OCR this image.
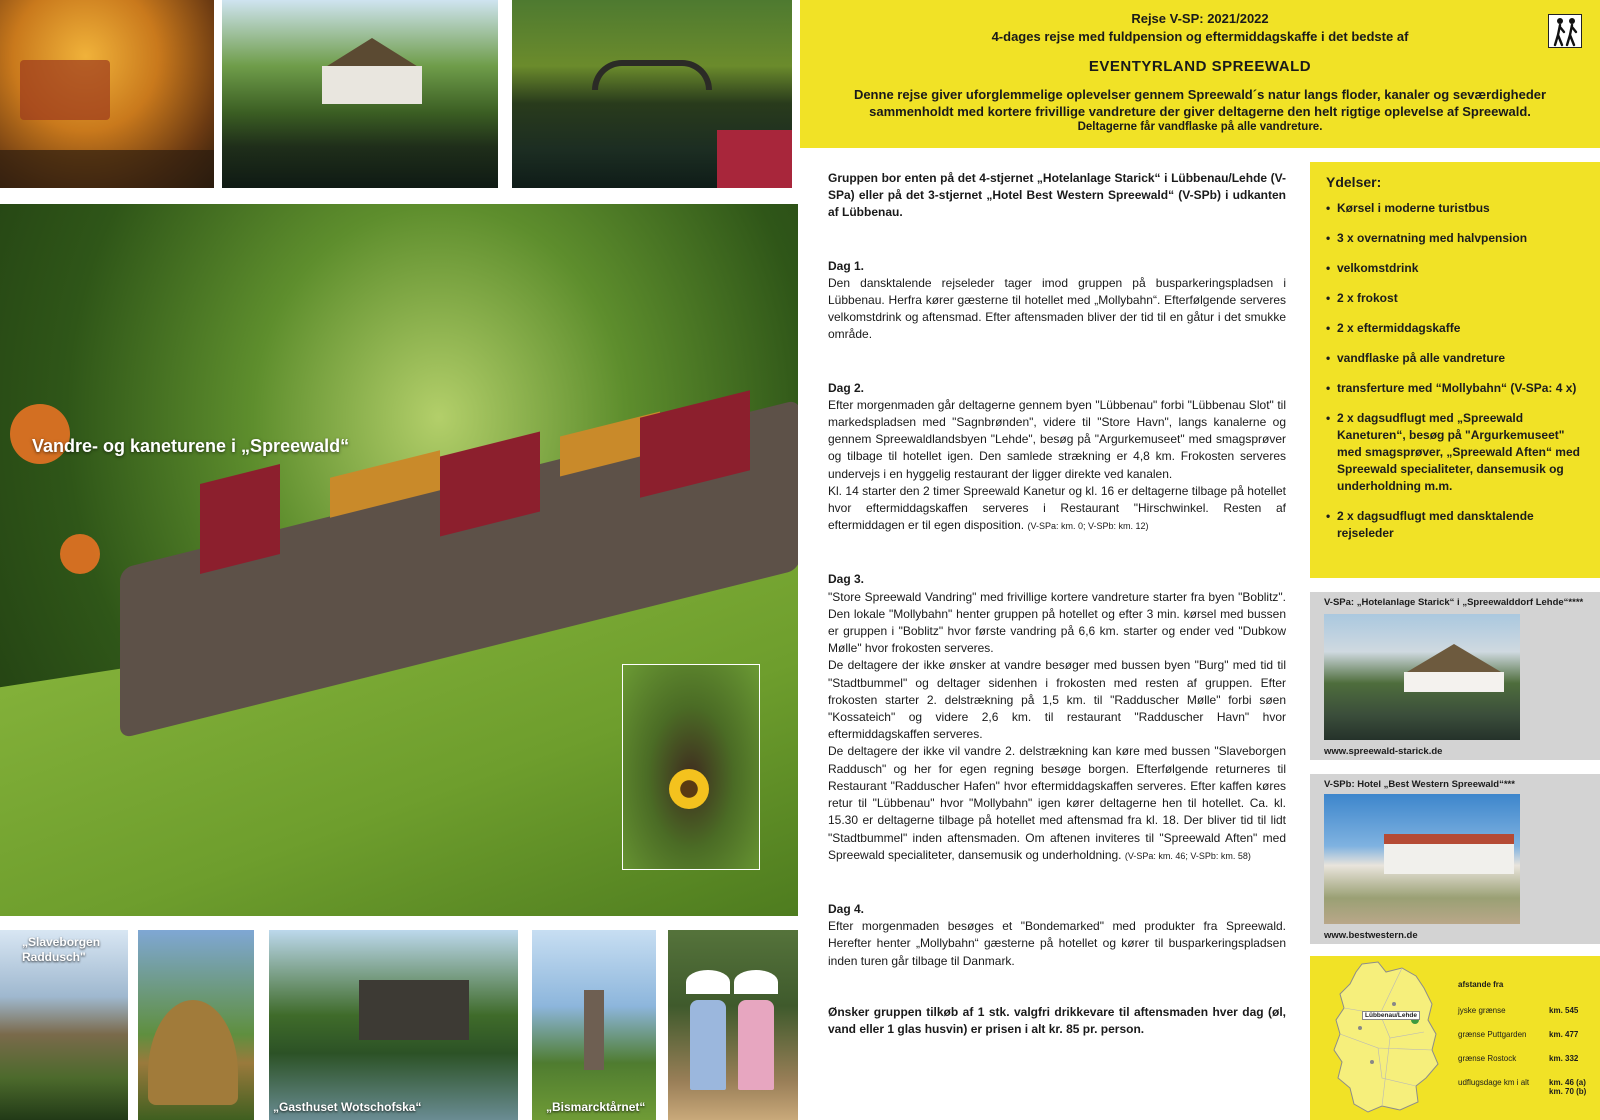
Vandre- og kaneturene i „Spreewald“
„Slaveborgen Raddusch"
„Gasthuset Wotschofska“	„Bismarcktårnet“
Rejse V-SP: 2021/2022
4-dages rejse med fuldpension og eftermiddagskaffe i det bedste af
EVENTYRLAND SPREEWALD
Denne rejse giver uforglemmelige oplevelser gennem Spreewald´s natur langs floder, kanaler og seværdigheder sammenholdt med kortere frivillige vandreture der giver deltagerne den helt rigtige oplevelse af Spreewald.
Deltagerne får vandflaske på alle vandreture.
Gruppen bor enten på det 4-stjernet „Hotelanlage Starick“ i Lübbenau/Lehde (V-SPa) eller på det 3-stjernet „Hotel Best Western Spreewald“ (V-SPb) i udkanten af Lübbenau.
Dag 1.
Den dansktalende rejseleder tager imod gruppen på busparkeringspladsen i Lübbenau. Herfra kører gæsterne til hotellet med „Mollybahn“. Efterfølgende serveres velkomstdrink og aftensmad. Efter aftensmaden bliver der tid til en gåtur i det smukke område.
Dag 2.
Efter morgenmaden går deltagerne gennem byen "Lübbenau" forbi "Lübbenau Slot" til markedspladsen med "Sagnbrønden", videre til "Store Havn", langs kanalerne og gennem Spreewaldlandsbyen "Lehde", besøg på "Argurkemuseet" med smagsprøver og tilbage til hotellet igen. Den samlede strækning er 4,8 km. Frokosten serveres undervejs i en hyggelig restaurant der ligger direkte ved kanalen.
Kl. 14 starter den 2 timer Spreewald Kanetur og kl. 16 er deltagerne tilbage på hotellet hvor eftermiddagskaffen serveres i Restaurant "Hirschwinkel. Resten af eftermiddagen er til egen disposition. (V-SPa: km. 0; V-SPb: km. 12)
Dag 3.
"Store Spreewald Vandring" med frivillige kortere vandreture starter fra byen "Boblitz". Den lokale "Mollybahn" henter gruppen på hotellet og efter 3 min. kørsel med bussen er gruppen i "Boblitz" hvor første vandring på 6,6 km. starter og ender ved "Dubkow Mølle" hvor frokosten serveres.
De deltagere der ikke ønsker at vandre besøger med bussen byen "Burg" med tid til "Stadtbummel" og deltager sidenhen i frokosten med resten af gruppen. Efter frokosten starter 2. delstrækning på 1,5 km. til "Radduscher Mølle" forbi søen "Kossateich" og videre 2,6 km. til restaurant "Radduscher Havn" hvor eftermiddagskaffen serveres.
De deltagere der ikke vil vandre 2. delstrækning kan køre med bussen "Slaveborgen Raddusch" og her for egen regning besøge borgen. Efterfølgende returneres til Restaurant "Radduscher Hafen" hvor eftermiddagskaffen serveres. Efter kaffen køres retur til "Lübbenau" hvor "Mollybahn" igen kører deltagerne hen til hotellet. Ca. kl. 15.30 er deltagerne tilbage på hotellet med aftensmad fra kl. 18. Der bliver tid til lidt "Stadtbummel" inden aftensmaden. Om aftenen inviteres til "Spreewald Aften" med Spreewald specialiteter, dansemusik og underholdning. (V-SPa: km. 46; V-SPb: km. 58)
Dag 4.
Efter morgenmaden besøges et "Bondemarked" med produkter fra Spreewald. Herefter henter „Mollybahn“ gæsterne på hotellet og kører til busparkeringspladsen inden turen går tilbage til Danmark.
Ønsker gruppen tilkøb af 1 stk. valgfri drikkevare til aftensmaden hver dag (øl, vand eller 1 glas husvin) er prisen i alt kr. 85 pr. person.
Ydelser:
• Kørsel i moderne turistbus
• 3 x overnatning med halvpension
• velkomstdrink
• 2 x frokost
• 2 x eftermiddagskaffe
• vandflaske på alle vandreture
• transferture med “Mollybahn“ (V-SPa: 4 x)
• 2 x dagsudflugt med „Spreewald Kaneturen“, besøg på "Argurkemuseet" med smagsprøver, „Spreewald Aften“ med Spreewald specialiteter, dansemusik og underholdning m.m.
• 2 x dagsudflugt med dansktalende rejseleder
V-SPa: „Hotelanlage Starick“ i „Spreewalddorf Lehde“****
www.spreewald-starick.de
V-SPb: Hotel „Best Western Spreewald“***
www.bestwestern.de
Lübbenau/Lehde
afstande fra
jyske grænse	km. 545
grænse Puttgarden	km. 477
grænse Rostock	km. 332
udflugsdage km i alt km. 46 (a) km. 70 (b)
